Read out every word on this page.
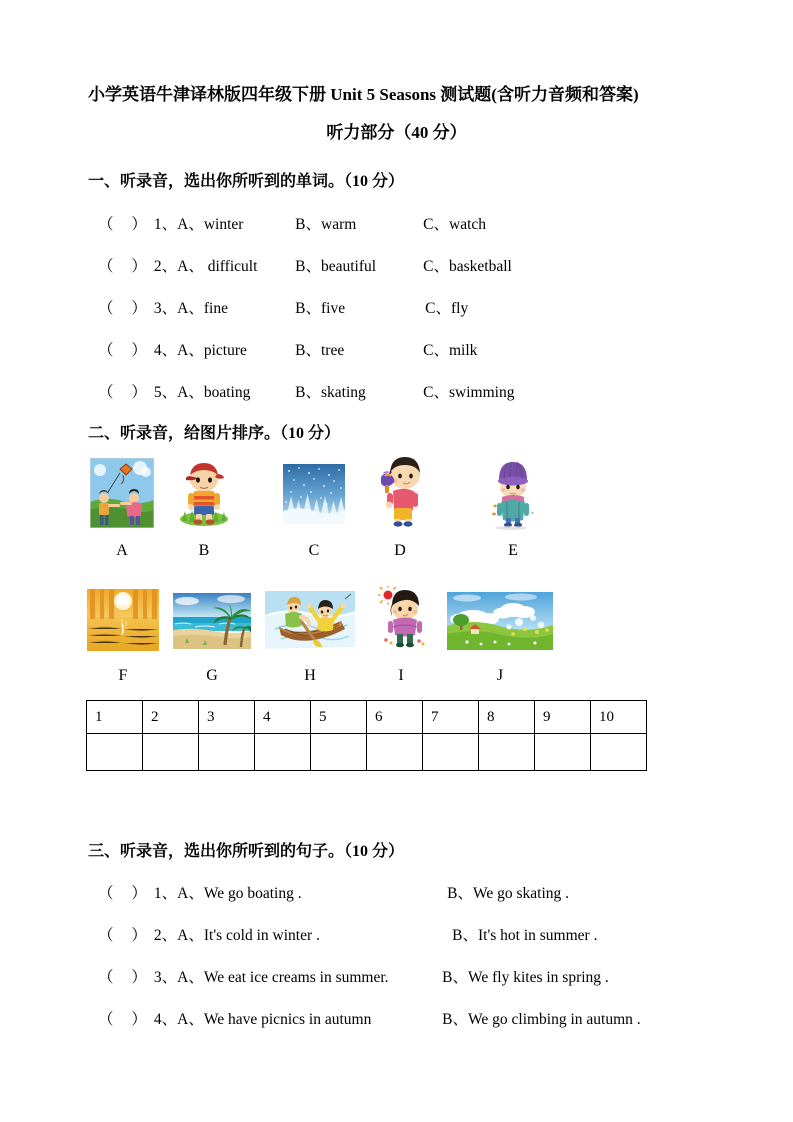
小学英语牛津译林版四年级下册 Unit 5 Seasons 测试题(含听力音频和答案)
听力部分（40 分）
一、听录音，选出你所听到的单词。（10 分）
（ ）1、A、winter	B、warm	C、watch
（ ）2、A、 difficult B、beautiful	C、basketball
（ ）3、A、fine	B、five	C、fly
（ ）4、A、picture	B、tree	C、milk
（ ）5、A、boating	B、skating	C、swimming
二、听录音，给图片排序。（10 分）
A	B	C	D	E
F	G	H	I	J
1	2	3	4	5	6	7	8	9	10

三、听录音，选出你所听到的句子。（10 分）
（ ）1、A、We go boating .	B、We go skating .
（ ）2、A、It's cold in winter .	B、It's hot in summer .
（ ）3、A、We eat ice creams in summer.	B、We fly kites in spring .
（ ）4、A、We have picnics in autumn	B、We go climbing in autumn .
